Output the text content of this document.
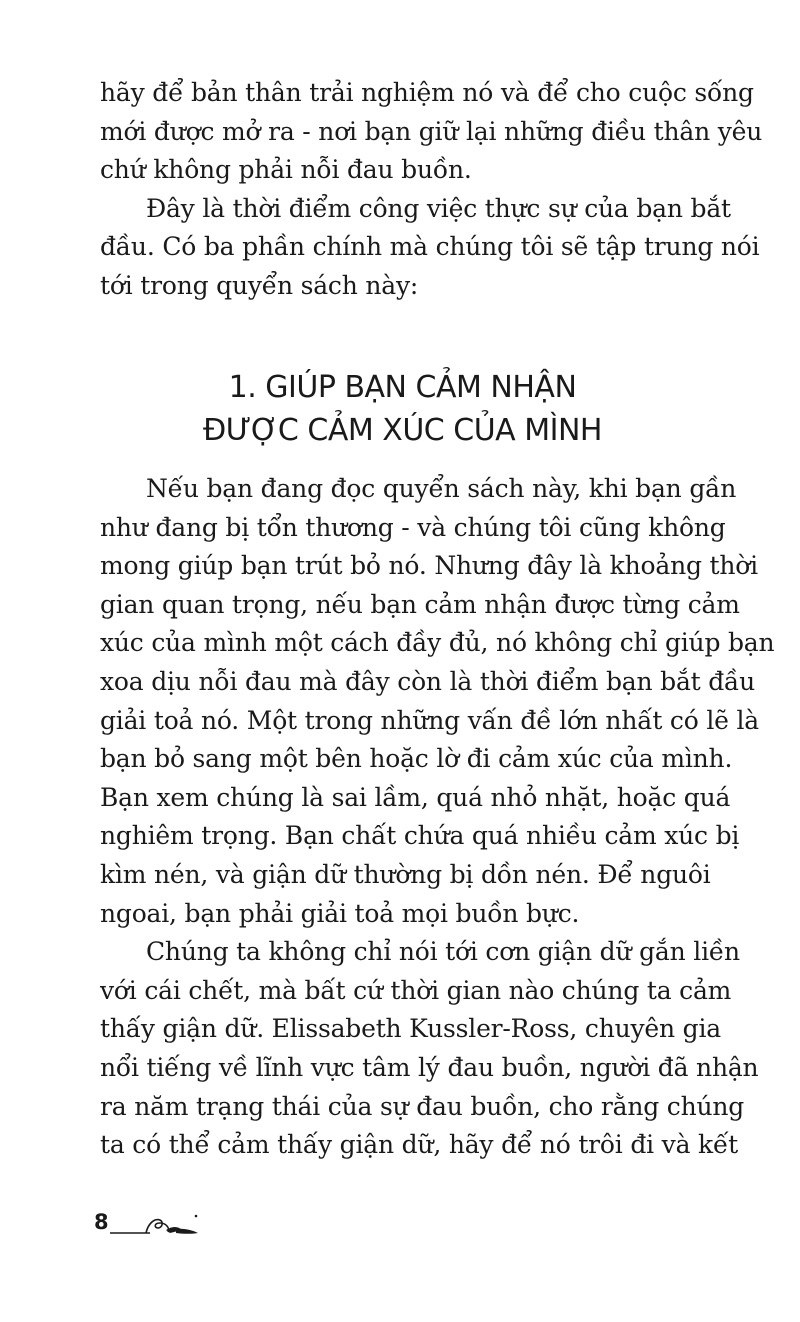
hãy để bản thân trải nghiệm nó và để cho cuộc sống
mới được mở ra - nơi bạn giữ lại những điều thân yêu
chứ không phải nỗi đau buồn.
Đây là thời điểm công việc thực sự của bạn bắt
đầu. Có ba phần chính mà chúng tôi sẽ tập trung nói
tới trong quyển sách này:
1. GIÚP BẠN CẢM NHẬN
ĐƯỢC CẢM XÚC CỦA MÌNH
Nếu bạn đang đọc quyển sách này, khi bạn gần
như đang bị tổn thương - và chúng tôi cũng không
mong giúp bạn trút bỏ nó. Nhưng đây là khoảng thời
gian quan trọng, nếu bạn cảm nhận được từng cảm
xúc của mình một cách đầy đủ, nó không chỉ giúp bạn
xoa dịu nỗi đau mà đây còn là thời điểm bạn bắt đầu
giải toả nó. Một trong những vấn đề lớn nhất có lẽ là
bạn bỏ sang một bên hoặc lờ đi cảm xúc của mình.
Bạn xem chúng là sai lầm, quá nhỏ nhặt, hoặc quá
nghiêm trọng. Bạn chất chứa quá nhiều cảm xúc bị
kìm nén, và giận dữ thường bị dồn nén. Để nguôi
ngoai, bạn phải giải toả mọi buồn bực.
Chúng ta không chỉ nói tới cơn giận dữ gắn liền
với cái chết, mà bất cứ thời gian nào chúng ta cảm
thấy giận dữ. Elissabeth Kussler-Ross, chuyên gia
nổi tiếng về lĩnh vực tâm lý đau buồn, người đã nhận
ra năm trạng thái của sự đau buồn, cho rằng chúng
ta có thể cảm thấy giận dữ, hãy để nó trôi đi và kết
8
